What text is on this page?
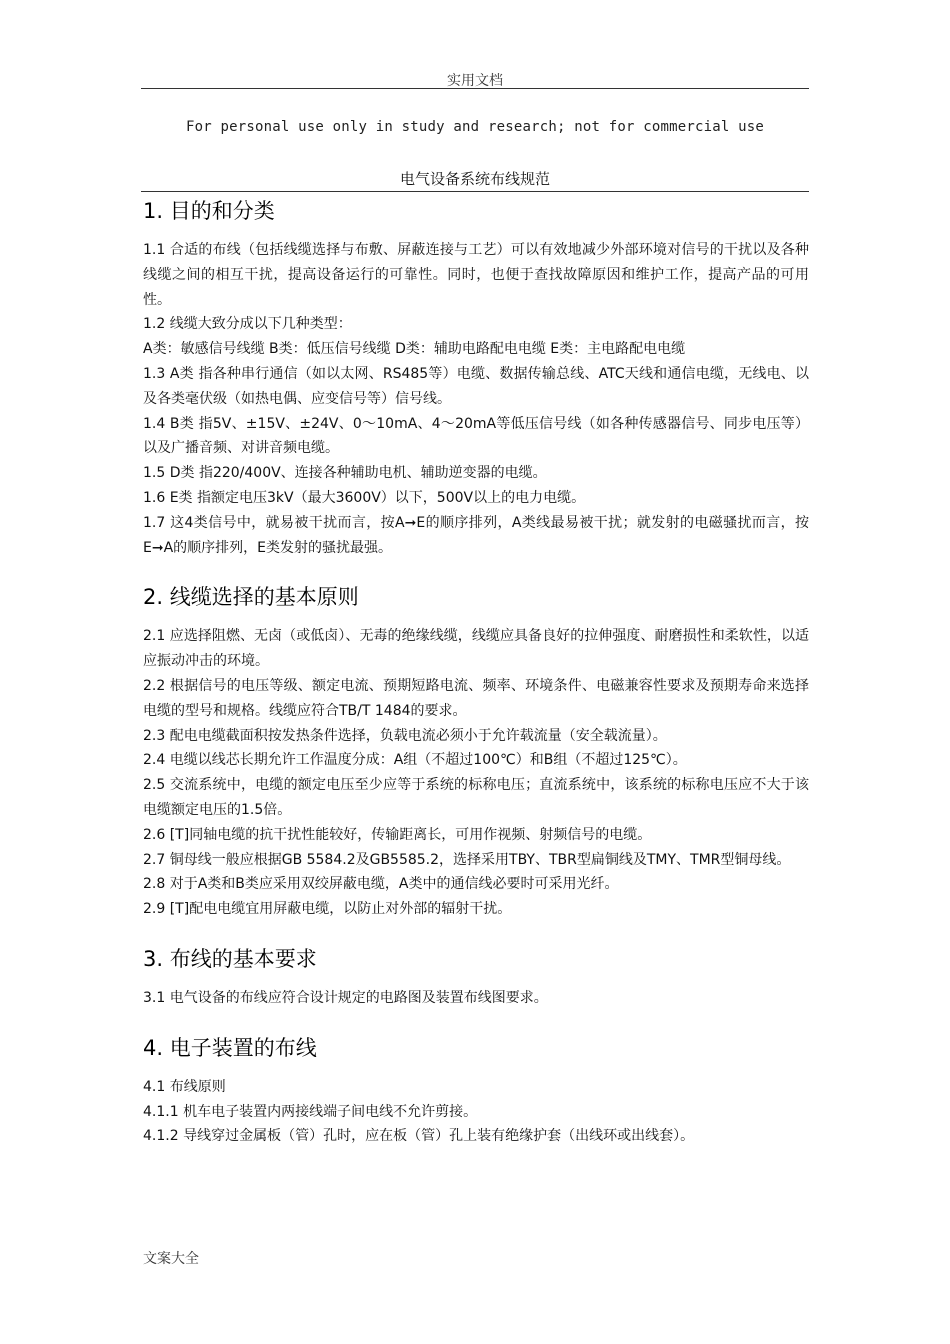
实用文档
For personal use only in study and research; not for commercial use
电气设备系统布线规范
1. 目的和分类

1.1 合适的布线（包括线缆选择与布敷、屏蔽连接与工艺）可以有效地减少外部环境对信号的干扰以及各种线缆之间的相互干扰，提高设备运行的可靠性。同时，也便于查找故障原因和维护工作，提高产品的可用性。

1.2 线缆大致分成以下几种类型：

A类：敏感信号线缆 B类：低压信号线缆 D类：辅助电路配电电缆 E类：主电路配电电缆

1.3 A类 指各种串行通信（如以太网、RS485等）电缆、数据传输总线、ATC天线和通信电缆，无线电、以及各类毫伏级（如热电偶、应变信号等）信号线。

1.4 B类 指5V、±15V、±24V、0～10mA、4～20mA等低压信号线（如各种传感器信号、同步电压等）以及广播音频、对讲音频电缆。

1.5 D类 指220/400V、连接各种辅助电机、辅助逆变器的电缆。

1.6 E类 指额定电压3kV（最大3600V）以下，500V以上的电力电缆。

1.7 这4类信号中，就易被干扰而言，按A➞E的顺序排列，A类线最易被干扰；就发射的电磁骚扰而言，按E➞A的顺序排列，E类发射的骚扰最强。

2. 线缆选择的基本原则

2.1 应选择阻燃、无卤（或低卤）、无毒的绝缘线缆，线缆应具备良好的拉伸强度、耐磨损性和柔软性，以适应振动冲击的环境。

2.2 根据信号的电压等级、额定电流、预期短路电流、频率、环境条件、电磁兼容性要求及预期寿命来选择电缆的型号和规格。线缆应符合TB/T 1484的要求。

2.3 配电电缆截面积按发热条件选择，负载电流必须小于允许载流量（安全载流量）。

2.4 电缆以线芯长期允许工作温度分成：A组（不超过100℃）和B组（不超过125℃）。

2.5 交流系统中，电缆的额定电压至少应等于系统的标称电压；直流系统中，该系统的标称电压应不大于该电缆额定电压的1.5倍。

2.6 [T]同轴电缆的抗干扰性能较好，传输距离长，可用作视频、射频信号的电缆。

2.7 铜母线一般应根据GB 5584.2及GB5585.2，选择采用TBY、TBR型扁铜线及TMY、TMR型铜母线。

2.8 对于A类和B类应采用双绞屏蔽电缆，A类中的通信线必要时可采用光纤。

2.9 [T]配电电缆宜用屏蔽电缆，以防止对外部的辐射干扰。

3. 布线的基本要求

3.1 电气设备的布线应符合设计规定的电路图及装置布线图要求。

4. 电子装置的布线

4.1 布线原则

4.1.1 机车电子装置内两接线端子间电线不允许剪接。

4.1.2 导线穿过金属板（管）孔时，应在板（管）孔上装有绝缘护套（出线环或出线套）。

文案大全
